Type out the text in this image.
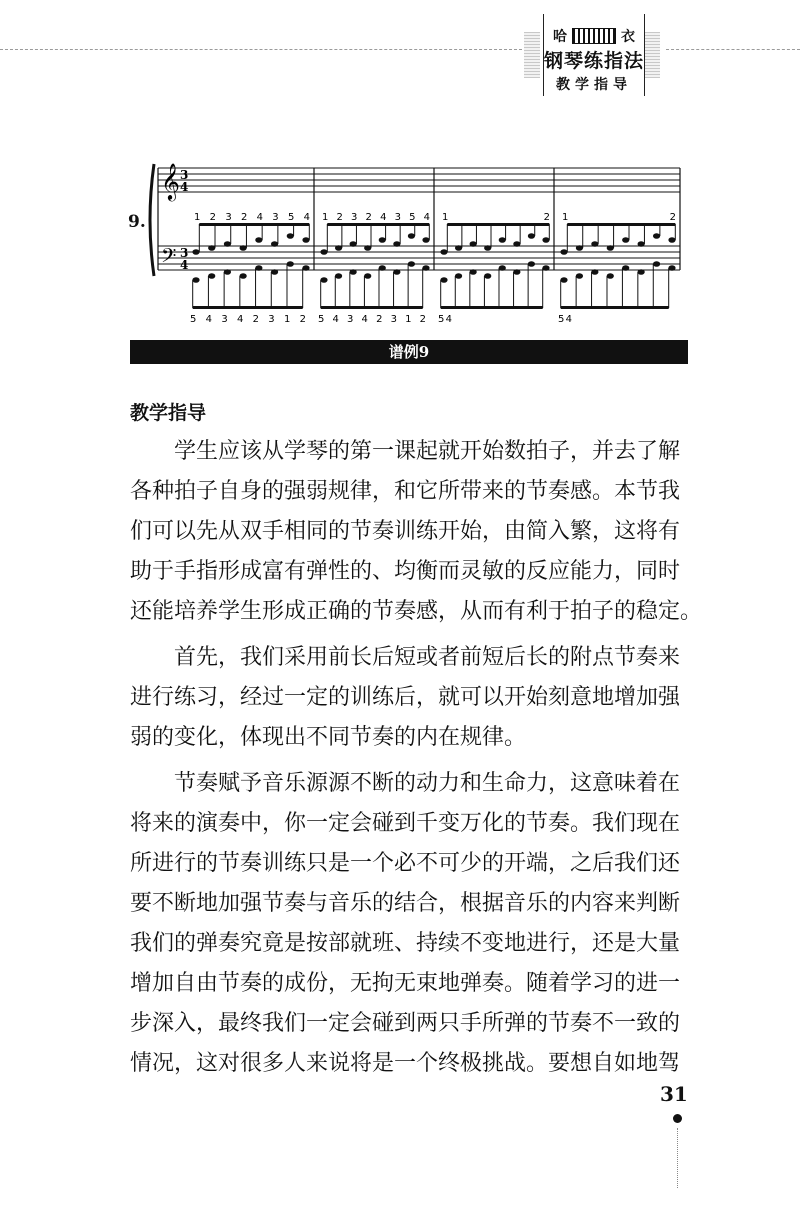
哈	衣
钢琴练指法
教学指导
𝄞
𝄢
3
4
3
4
1 2 3 2 4 3 5 4
5 4 3 4 2 3 1 2
1 2 3 2 4 3 5 4
5 4 3 4 2 3 1 2
1 2
5 4
1 2
5 4
9.
谱例9
教学指导
　　学生应该从学琴的第一课起就开始数拍子，并去了解
各种拍子自身的强弱规律，和它所带来的节奏感。本节我
们可以先从双手相同的节奏训练开始，由简入繁，这将有
助于手指形成富有弹性的、均衡而灵敏的反应能力，同时
还能培养学生形成正确的节奏感，从而有利于拍子的稳定。
　　首先，我们采用前长后短或者前短后长的附点节奏来
进行练习，经过一定的训练后，就可以开始刻意地增加强
弱的变化，体现出不同节奏的内在规律。
　　节奏赋予音乐源源不断的动力和生命力，这意味着在
将来的演奏中，你一定会碰到千变万化的节奏。我们现在
所进行的节奏训练只是一个必不可少的开端，之后我们还
要不断地加强节奏与音乐的结合，根据音乐的内容来判断
我们的弹奏究竟是按部就班、持续不变地进行，还是大量
增加自由节奏的成份，无拘无束地弹奏。随着学习的进一
步深入，最终我们一定会碰到两只手所弹的节奏不一致的
情况，这对很多人来说将是一个终极挑战。要想自如地驾
31
